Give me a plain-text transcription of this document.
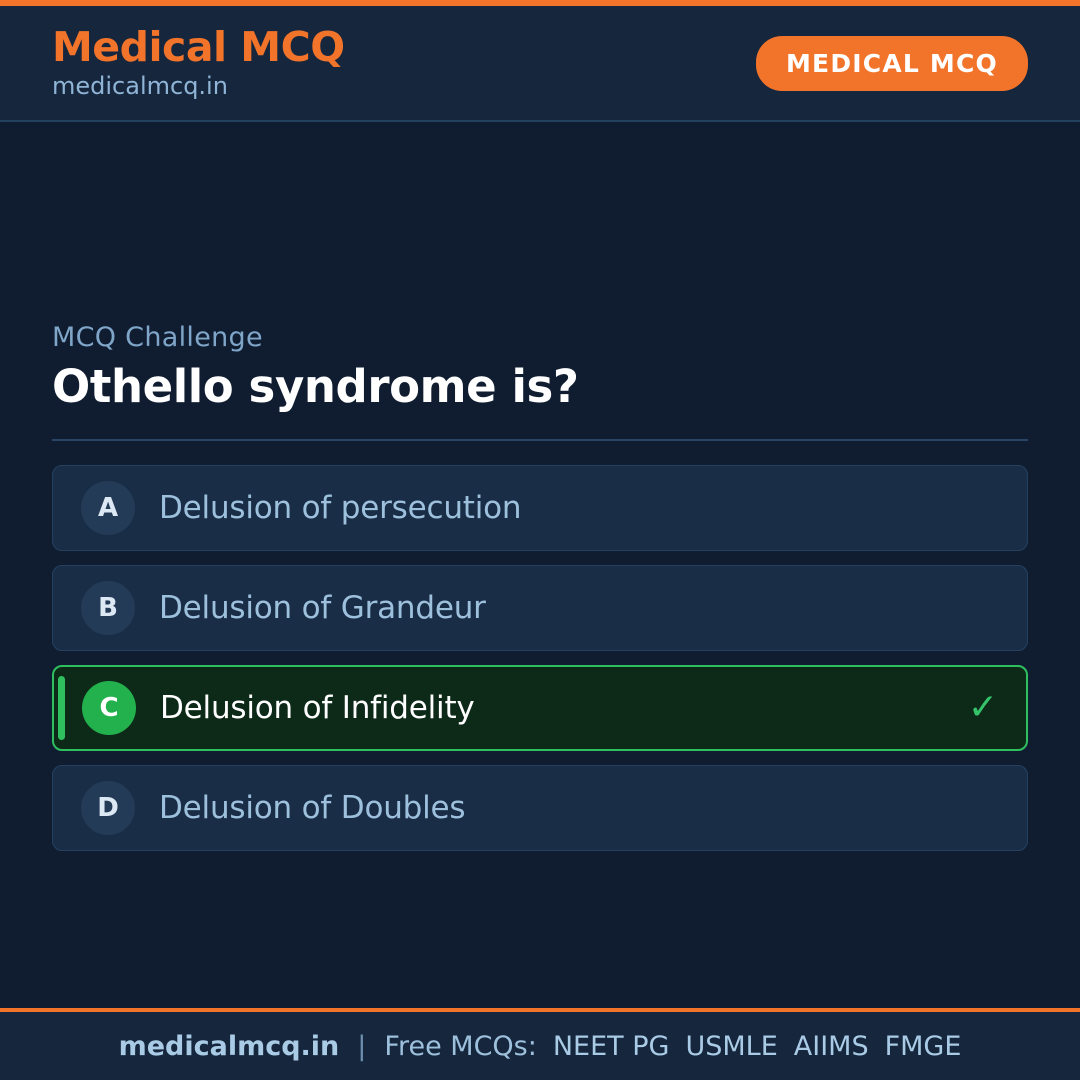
Medical MCQ
medicalmcq.in
MEDICAL MCQ
MCQ Challenge
Othello syndrome is?
A	Delusion of persecution
B	Delusion of Grandeur
C	Delusion of Infidelity	✓
D	Delusion of Doubles
medicalmcq.in | Free MCQs: NEET PG USMLE AIIMS FMGE
